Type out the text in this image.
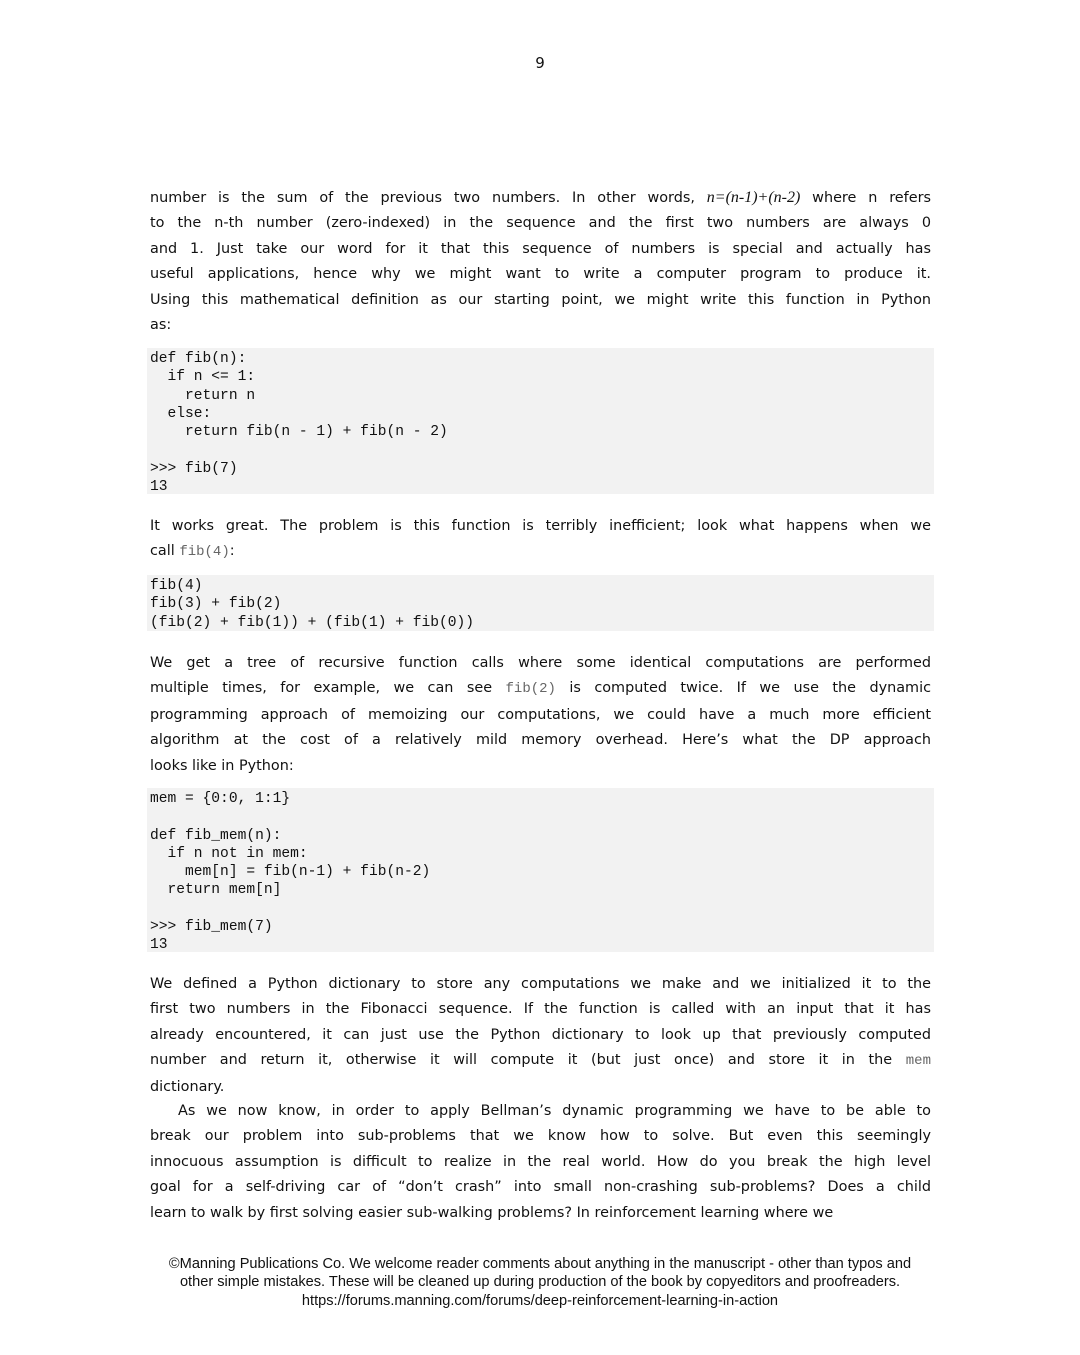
9
number is the sum of the previous two numbers. In other words, n=(n-1)+(n-2) where n refers
to the n-th number (zero-indexed) in the sequence and the first two numbers are always 0
and 1. Just take our word for it that this sequence of numbers is special and actually has
useful applications, hence why we might want to write a computer program to produce it.
Using this mathematical definition as our starting point, we might write this function in Python
as:
def fib(n):
if n <= 1:
return n
else:
return fib(n - 1) + fib(n - 2)
>>> fib(7)
13
It works great. The problem is this function is terribly inefficient; look what happens when we
call fib(4):
fib(4)
fib(3) + fib(2)
(fib(2) + fib(1)) + (fib(1) + fib(0))
We get a tree of recursive function calls where some identical computations are performed
multiple times, for example, we can see fib(2) is computed twice. If we use the dynamic
programming approach of memoizing our computations, we could have a much more efficient
algorithm at the cost of a relatively mild memory overhead. Here’s what the DP approach
looks like in Python:
mem = {0:0, 1:1}
def fib_mem(n):
if n not in mem:
mem[n] = fib(n-1) + fib(n-2)
return mem[n]
>>> fib_mem(7)
13
We defined a Python dictionary to store any computations we make and we initialized it to the
first two numbers in the Fibonacci sequence. If the function is called with an input that it has
already encountered, it can just use the Python dictionary to look up that previously computed
number and return it, otherwise it will compute it (but just once) and store it in the mem
dictionary.
As we now know, in order to apply Bellman’s dynamic programming we have to be able to
break our problem into sub-problems that we know how to solve. But even this seemingly
innocuous assumption is difficult to realize in the real world. How do you break the high level
goal for a self-driving car of “don’t crash” into small non-crashing sub-problems? Does a child
learn to walk by first solving easier sub-walking problems? In reinforcement learning where we
©Manning Publications Co. We welcome reader comments about anything in the manuscript - other than typos and
other simple mistakes. These will be cleaned up during production of the book by copyeditors and proofreaders.
https://forums.manning.com/forums/deep-reinforcement-learning-in-action
